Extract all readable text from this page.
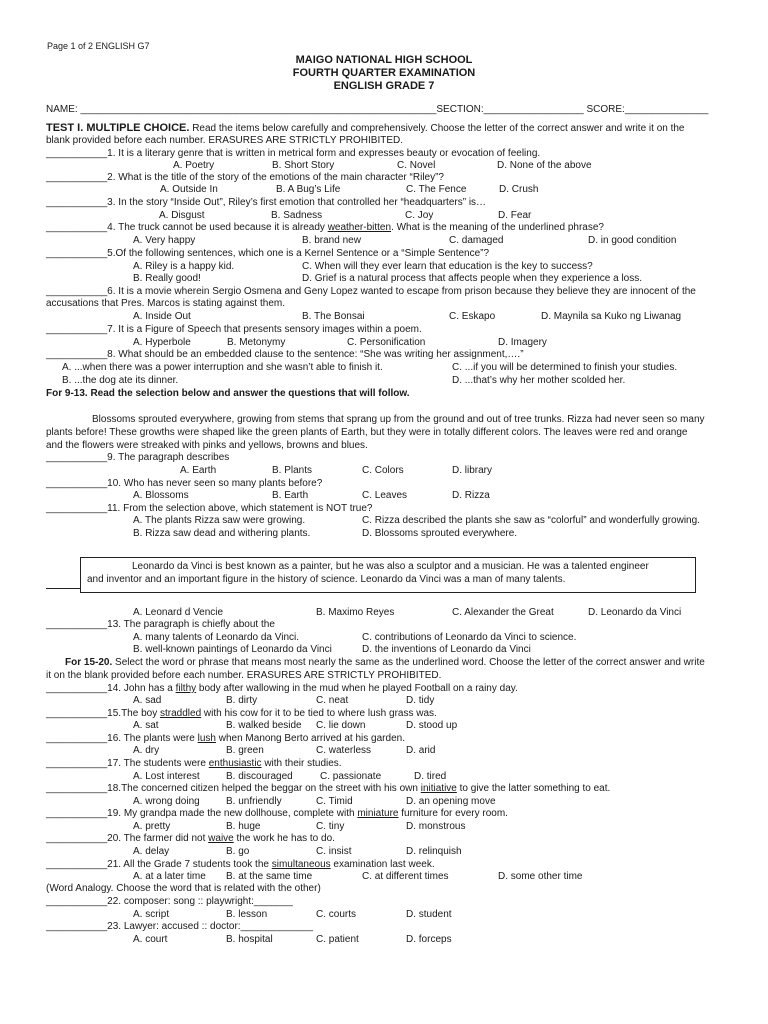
Page 1 of 2 ENGLISH G7
MAIGO NATIONAL HIGH SCHOOL
FOURTH QUARTER EXAMINATION
ENGLISH GRADE 7
NAME: ________________________________________________________________SECTION:__________________ SCORE:_______________
TEST I. MULTIPLE CHOICE. Read the items below carefully and comprehensively. Choose the letter of the correct answer and write it on the
blank provided before each number. ERASURES ARE STRICTLY PROHIBITED.
___________1. It is a literary genre that is written in metrical form and expresses beauty or evocation of feeling.
A. Poetry	B. Short Story	C. Novel	D. None of the above
___________2. What is the title of the story of the emotions of the main character “Riley”?
A. Outside In	B. A Bug’s Life	C. The Fence	D. Crush
___________3. In the story “Inside Out”, Riley’s first emotion that controlled her “headquarters” is…
A. Disgust	B. Sadness	C. Joy	D. Fear
___________4. The truck cannot be used because it is already weather-bitten. What is the meaning of the underlined phrase?
A. Very happy	B. brand new	C. damaged	D. in good condition
___________5.Of the following sentences, which one is a Kernel Sentence or a “Simple Sentence”?
A. Riley is a happy kid.	C. When will they ever learn that education is the key to success?
B. Really good!	D. Grief is a natural process that affects people when they experience a loss.
___________6. It is a movie wherein Sergio Osmena and Geny Lopez wanted to escape from prison because they believe they are innocent of the
accusations that Pres. Marcos is stating against them.
A. Inside Out	B. The Bonsai	C. Eskapo	D. Maynila sa Kuko ng Liwanag
___________7. It is a Figure of Speech that presents sensory images within a poem.
A. Hyperbole	B. Metonymy	C. Personification	D. Imagery
___________8. What should be an embedded clause to the sentence: “She was writing her assignment,….”
A. ...when there was a power interruption and she wasn’t able to finish it.	C. ...if you will be determined to finish your studies.
B. ...the dog ate its dinner.	D. ...that’s why her mother scolded her.
For 9-13. Read the selection below and answer the questions that will follow.
Blossoms sprouted everywhere, growing from stems that sprang up from the ground and out of tree trunks. Rizza had never seen so many
plants before! These growths were shaped like the green plants of Earth, but they were in totally different colors. The leaves were red and orange
and the flowers were streaked with pinks and yellows, browns and blues.
___________9. The paragraph describes
A. Earth	B. Plants	C. Colors	D. library
___________10. Who has never seen so many plants before?
A. Blossoms	B. Earth	C. Leaves	D. Rizza
___________11. From the selection above, which statement is NOT true?
A. The plants Rizza saw were growing.	C. Rizza described the plants she saw as “colorful” and wonderfully growing.
B. Rizza saw dead and withering plants.	D. Blossoms sprouted everywhere.
Leonardo da Vinci is best known as a painter, but he was also a sculptor and a musician. He was a talented engineer
and inventor and an important figure in the history of science. Leonardo da Vinci was a man of many talents.
A. Leonard d Vencie	B. Maximo Reyes	C. Alexander the Great	D. Leonardo da Vinci
___________13. The paragraph is chiefly about the
A. many talents of Leonardo da Vinci.	C. contributions of Leonardo da Vinci to science.
B. well-known paintings of Leonardo da Vinci	D. the inventions of Leonardo da Vinci
For 15-20. Select the word or phrase that means most nearly the same as the underlined word. Choose the letter of the correct answer and write
it on the blank provided before each number. ERASURES ARE STRICTLY PROHIBITED.
___________14. John has a filthy body after wallowing in the mud when he played Football on a rainy day.
A. sad	B. dirty	C. neat	D. tidy
___________15.The boy straddled with his cow for it to be tied to where lush grass was.
A. sat	B. walked beside C. lie down	D. stood up
___________16. The plants were lush when Manong Berto arrived at his garden.
A. dry	B. green	C. waterless	D. arid
___________17. The students were enthusiastic with their studies.
A. Lost interest	B. discouraged	C. passionate	D. tired
___________18.The concerned citizen helped the beggar on the street with his own initiative to give the latter something to eat.
A. wrong doing	B. unfriendly	C. Timid	D. an opening move
___________19. My grandpa made the new dollhouse, complete with miniature furniture for every room.
A. pretty	B. huge	C. tiny	D. monstrous
___________20. The farmer did not waive the work he has to do.
A. delay	B. go	C. insist	D. relinquish
___________21. All the Grade 7 students took the simultaneous examination last week.
A. at a later time B. at the same time	C. at different times	D. some other time
(Word Analogy. Choose the word that is related with the other)
___________22. composer: song :: playwright:_______
A. script	B. lesson	C. courts	D. student
___________23. Lawyer: accused :: doctor:_____________
A. court	B. hospital	C. patient	D. forceps
